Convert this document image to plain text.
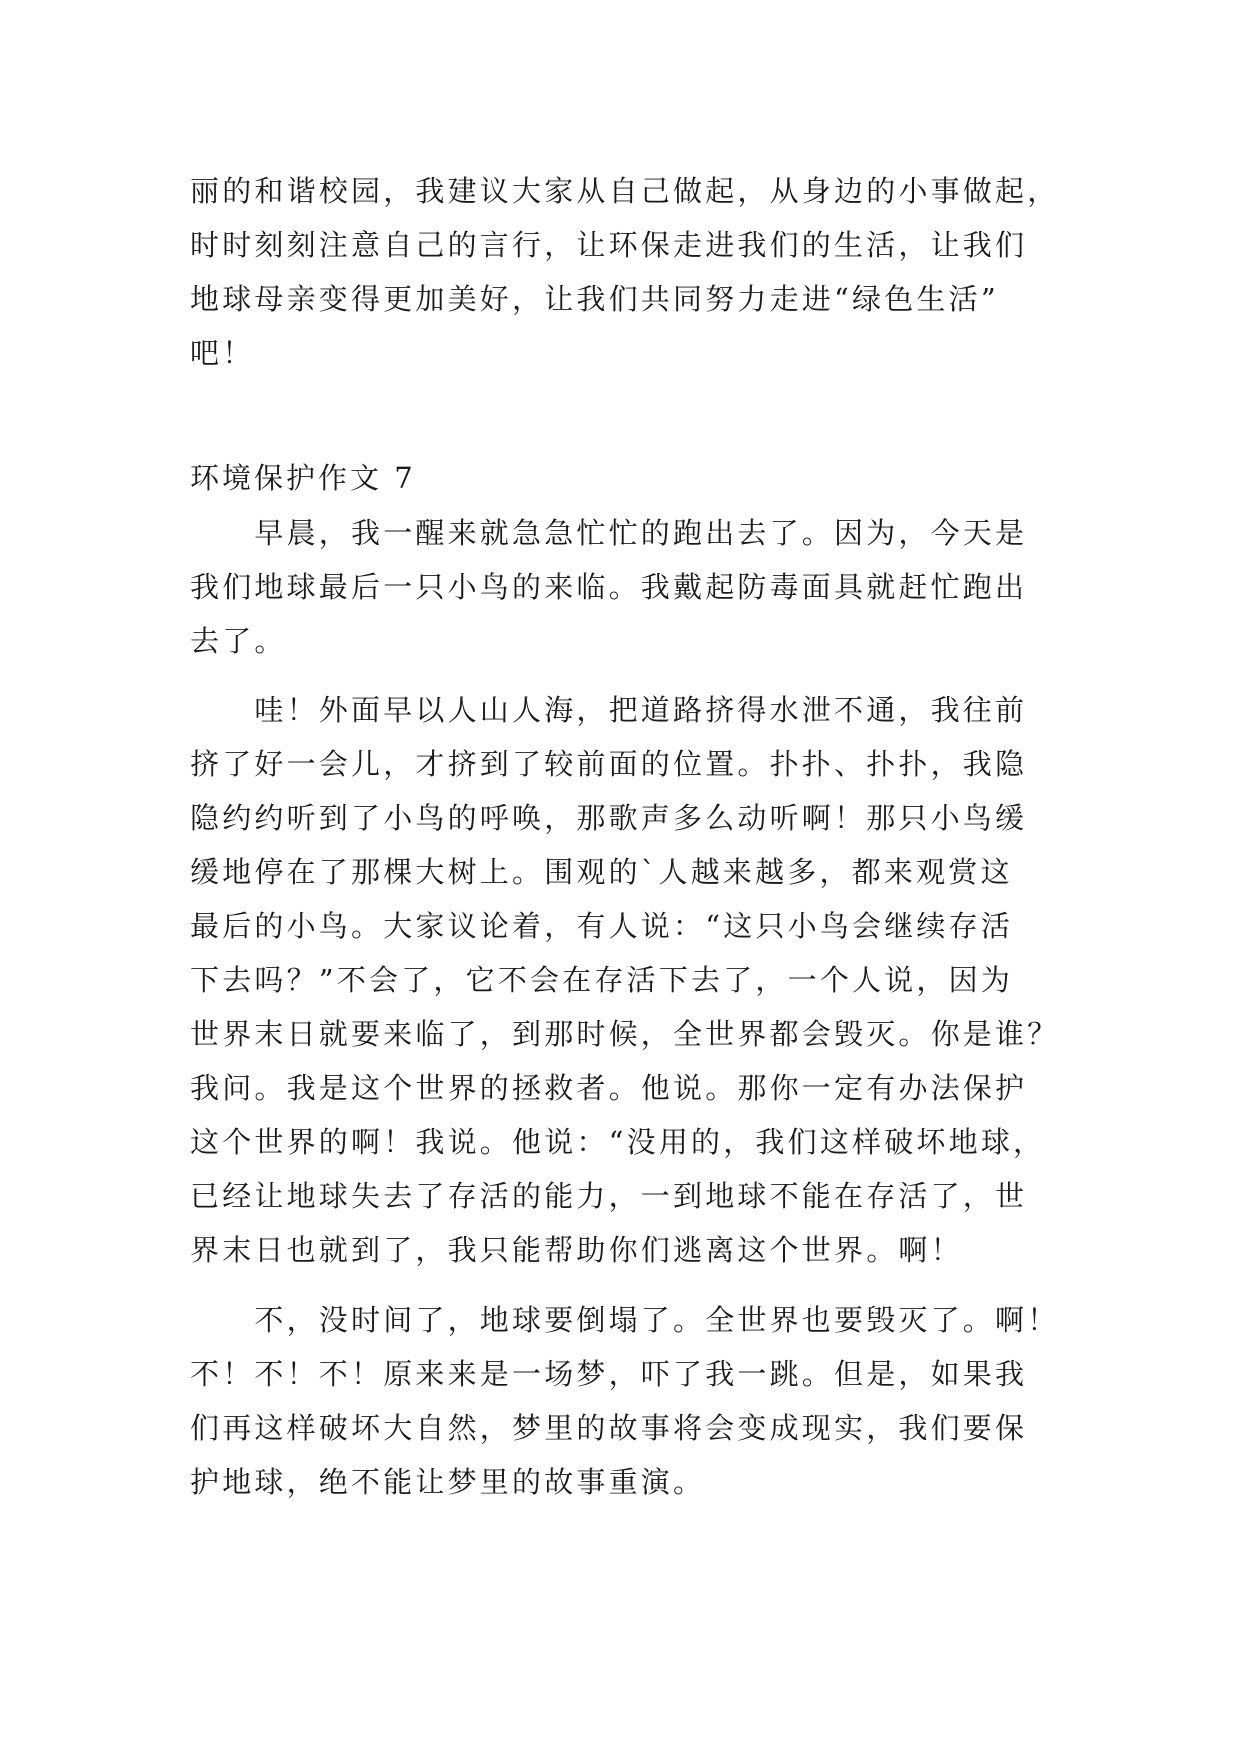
丽的和谐校园，我建议大家从自己做起，从身边的小事做起，
时时刻刻注意自己的言行，让环保走进我们的生活，让我们
地球母亲变得更加美好，让我们共同努力走进“绿色生活”
吧！
环境保护作文 7
　　早晨，我一醒来就急急忙忙的跑出去了。因为，今天是
我们地球最后一只小鸟的来临。我戴起防毒面具就赶忙跑出
去了。
　　哇！外面早以人山人海，把道路挤得水泄不通，我往前
挤了好一会儿，才挤到了较前面的位置。扑扑、扑扑，我隐
隐约约听到了小鸟的呼唤，那歌声多么动听啊！那只小鸟缓
缓地停在了那棵大树上。围观的`人越来越多，都来观赏这
最后的小鸟。大家议论着，有人说：“这只小鸟会继续存活
下去吗？”不会了，它不会在存活下去了，一个人说，因为
世界末日就要来临了，到那时候，全世界都会毁灭。你是谁？
我问。我是这个世界的拯救者。他说。那你一定有办法保护
这个世界的啊！我说。他说：“没用的，我们这样破坏地球，
已经让地球失去了存活的能力，一到地球不能在存活了，世
界末日也就到了，我只能帮助你们逃离这个世界。啊！
　　不，没时间了，地球要倒塌了。全世界也要毁灭了。啊！
不！不！不！原来来是一场梦，吓了我一跳。但是，如果我
们再这样破坏大自然，梦里的故事将会变成现实，我们要保
护地球，绝不能让梦里的故事重演。
